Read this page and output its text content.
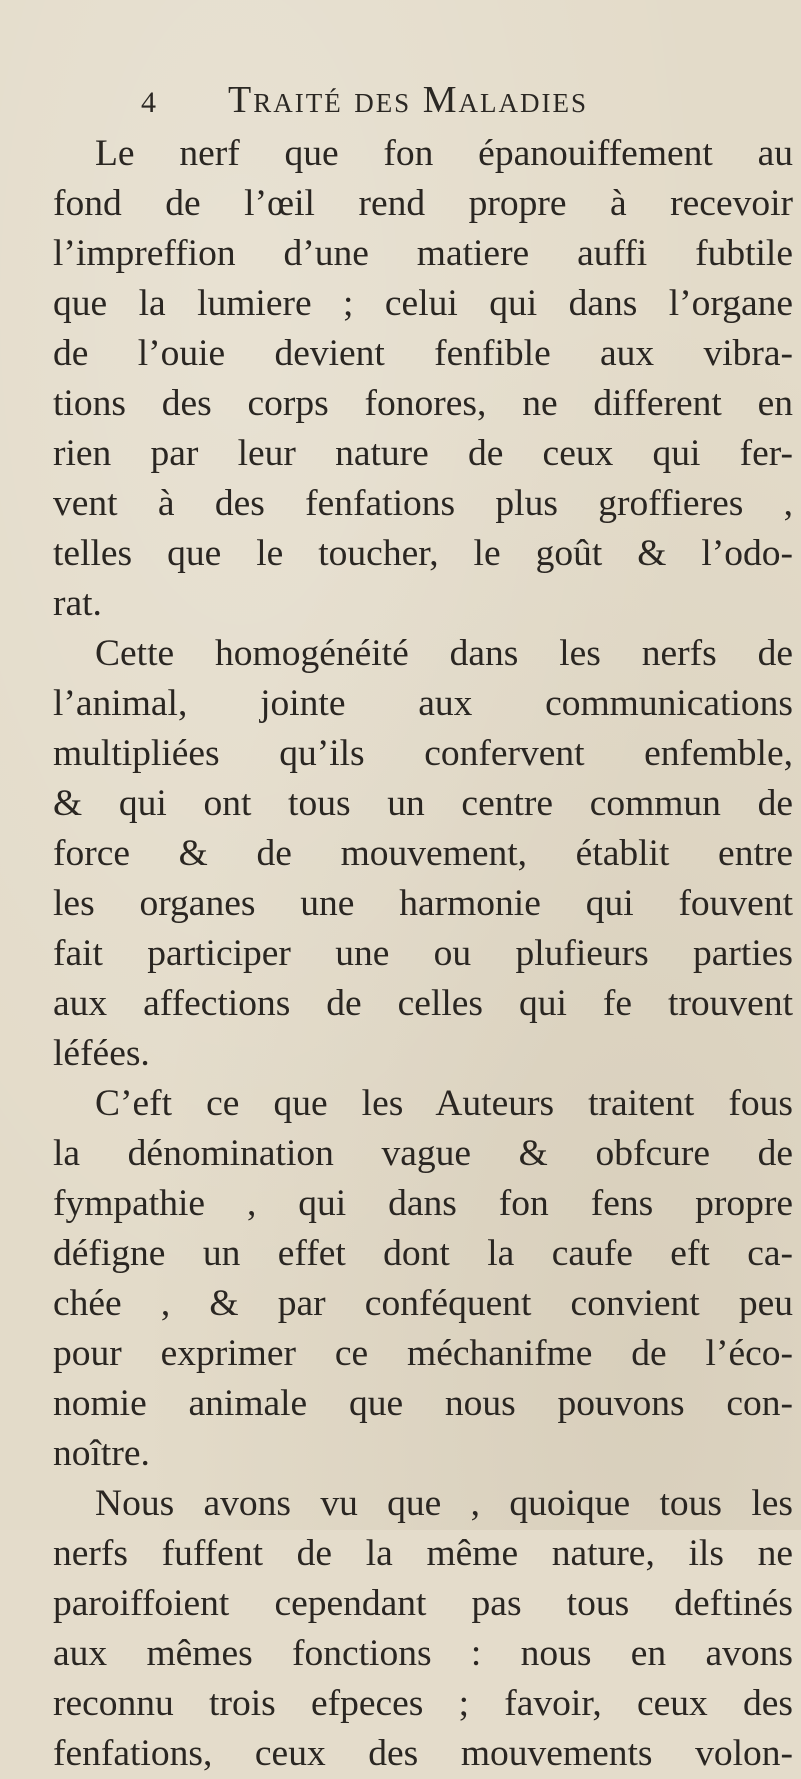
4 Traité des Maladies
Le nerf que fon épanouiffement au
fond de l’œil rend propre à recevoir
l’impreffion d’une matiere auffi fubtile
que la lumiere ; celui qui dans l’organe
de l’ouie devient fenfible aux vibra-
tions des corps fonores, ne different en
rien par leur nature de ceux qui fer-
vent à des fenfations plus groffieres ,
telles que le toucher, le goût & l’odo-
rat.
Cette homogénéité dans les nerfs de
l’animal, jointe aux communications
multipliées qu’ils confervent enfemble,
& qui ont tous un centre commun de
force & de mouvement, établit entre
les organes une harmonie qui fouvent
fait participer une ou plufieurs parties
aux affections de celles qui fe trouvent
léfées.
C’eft ce que les Auteurs traitent fous
la dénomination vague & obfcure de
fympathie , qui dans fon fens propre
défigne un effet dont la caufe eft ca-
chée , & par conféquent convient peu
pour exprimer ce méchanifme de l’éco-
nomie animale que nous pouvons con-
noître.
Nous avons vu que , quoique tous les
nerfs fuffent de la même nature, ils ne
paroiffoient cependant pas tous deftinés
aux mêmes fonctions : nous en avons
reconnu trois efpeces ; favoir, ceux des
fenfations, ceux des mouvements volon-
